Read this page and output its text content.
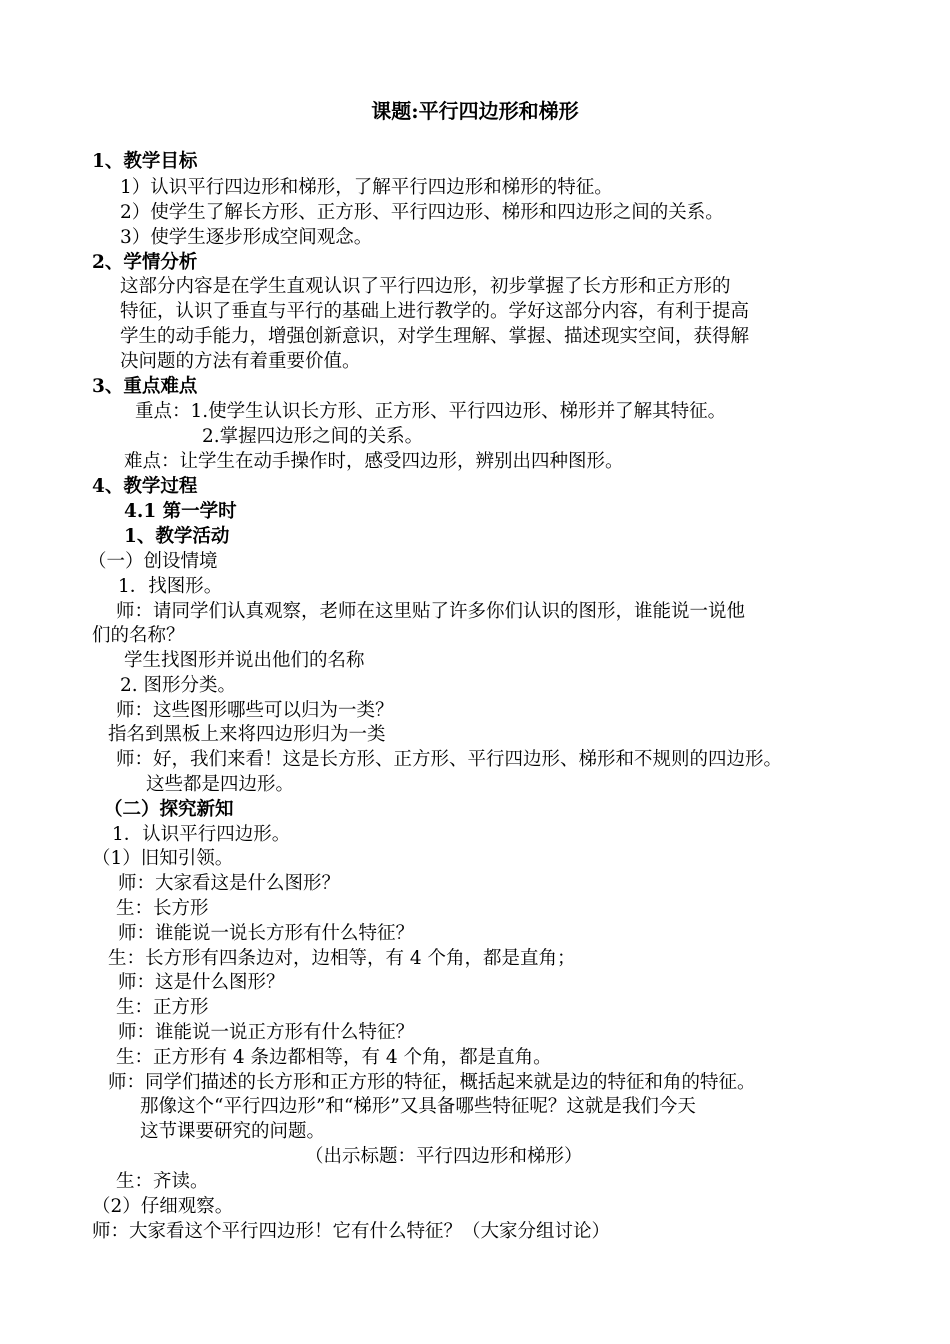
课题:平行四边形和梯形
1、教学目标
1）认识平行四边形和梯形，了解平行四边形和梯形的特征。
2）使学生了解长方形、正方形、平行四边形、梯形和四边形之间的关系。
3）使学生逐步形成空间观念。
2、学情分析
这部分内容是在学生直观认识了平行四边形，初步掌握了长方形和正方形的
特征，认识了垂直与平行的基础上进行教学的。学好这部分内容，有利于提高
学生的动手能力，增强创新意识，对学生理解、掌握、描述现实空间，获得解
决问题的方法有着重要价值。
3、重点难点
重点：1.使学生认识长方形、正方形、平行四边形、梯形并了解其特征。
2.掌握四边形之间的关系。
难点：让学生在动手操作时，感受四边形，辨别出四种图形。
4、教学过程
4.1 第一学时
1、教学活动
（一）创设情境
1．找图形。
师：请同学们认真观察，老师在这里贴了许多你们认识的图形，谁能说一说他
们的名称？
学生找图形并说出他们的名称
2. 图形分类。
师：这些图形哪些可以归为一类？
指名到黑板上来将四边形归为一类
师：好，我们来看！这是长方形、正方形、平行四边形、梯形和不规则的四边形。
这些都是四边形。
（二）探究新知
1．认识平行四边形。
（1）旧知引领。
师：大家看这是什么图形？
生：长方形
师：谁能说一说长方形有什么特征？
生：长方形有四条边对，边相等，有 4 个角，都是直角；
师：这是什么图形？
生：正方形
师：谁能说一说正方形有什么特征？
生：正方形有 4 条边都相等，有 4 个角，都是直角。
师：同学们描述的长方形和正方形的特征，概括起来就是边的特征和角的特征。
那像这个“平行四边形”和“梯形”又具备哪些特征呢？这就是我们今天
这节课要研究的问题。
（出示标题：平行四边形和梯形）
生：齐读。
（2）仔细观察。
师：大家看这个平行四边形！它有什么特征？（大家分组讨论）
